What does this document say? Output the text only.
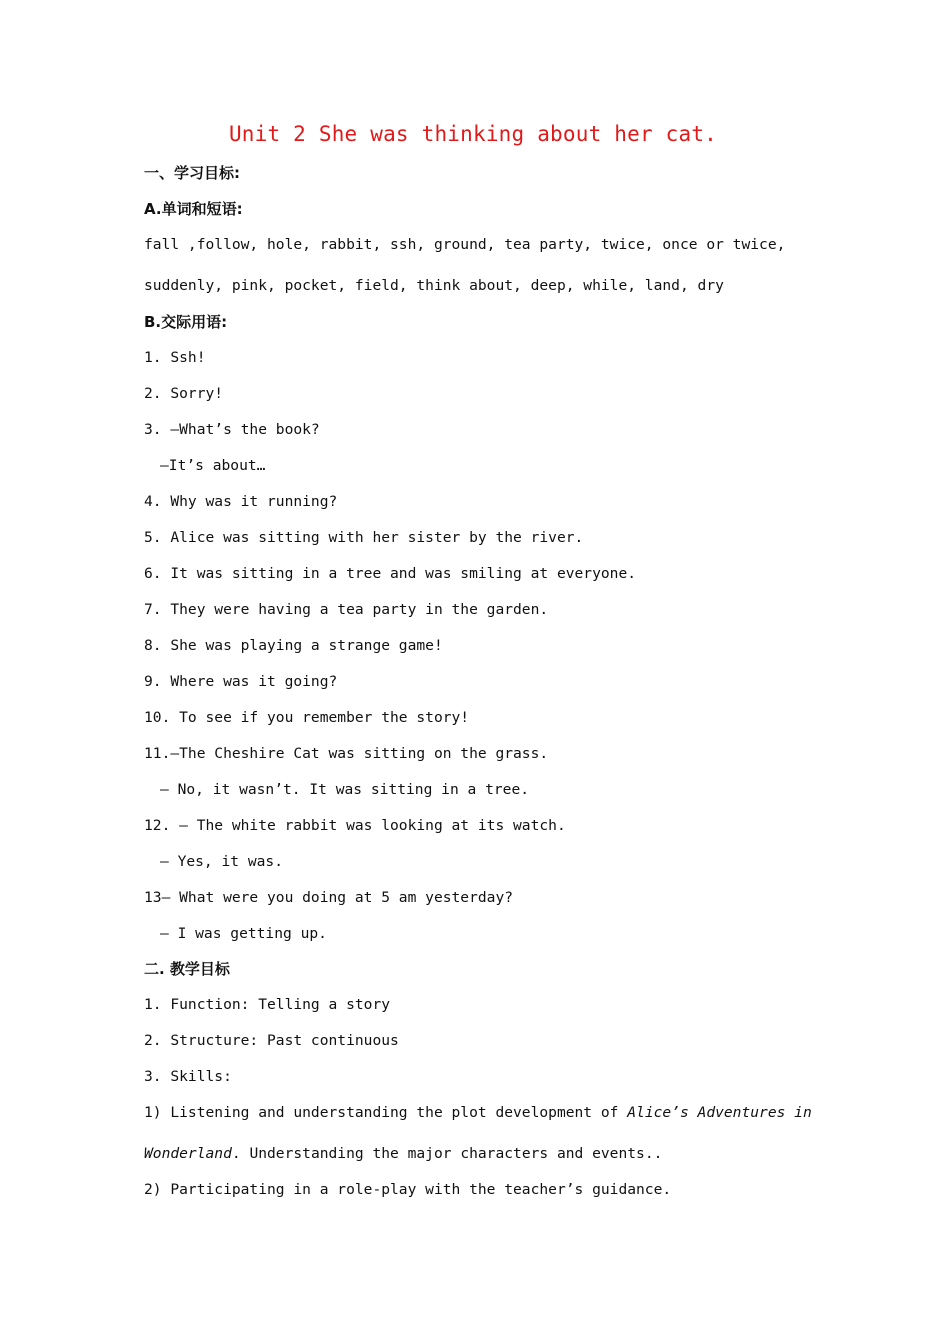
Unit 2 She was thinking about her cat.
一、学习目标:
A.单词和短语:
fall ,follow, hole, rabbit, ssh, ground, tea party, twice, once or twice,
suddenly, pink, pocket, field, think about, deep, while, land, dry
B.交际用语:
1. Ssh!
2. Sorry!
3. —What’s the book?
—It’s about…
4. Why was it running?
5. Alice was sitting with her sister by the river.
6. It was sitting in a tree and was smiling at everyone.
7. They were having a tea party in the garden.
8. She was playing a strange game!
9. Where was it going?
10. To see if you remember the story!
11.—The Cheshire Cat was sitting on the grass.
— No, it wasn’t. It was sitting in a tree.
12. — The white rabbit was looking at its watch.
— Yes, it was.
13— What were you doing at 5 am yesterday?
— I was getting up.
二. 教学目标
1. Function: Telling a story
2. Structure: Past continuous
3. Skills:
1) Listening and understanding the plot development of Alice’s Adventures in
Wonderland. Understanding the major characters and events..
2) Participating in a role-play with the teacher’s guidance.
